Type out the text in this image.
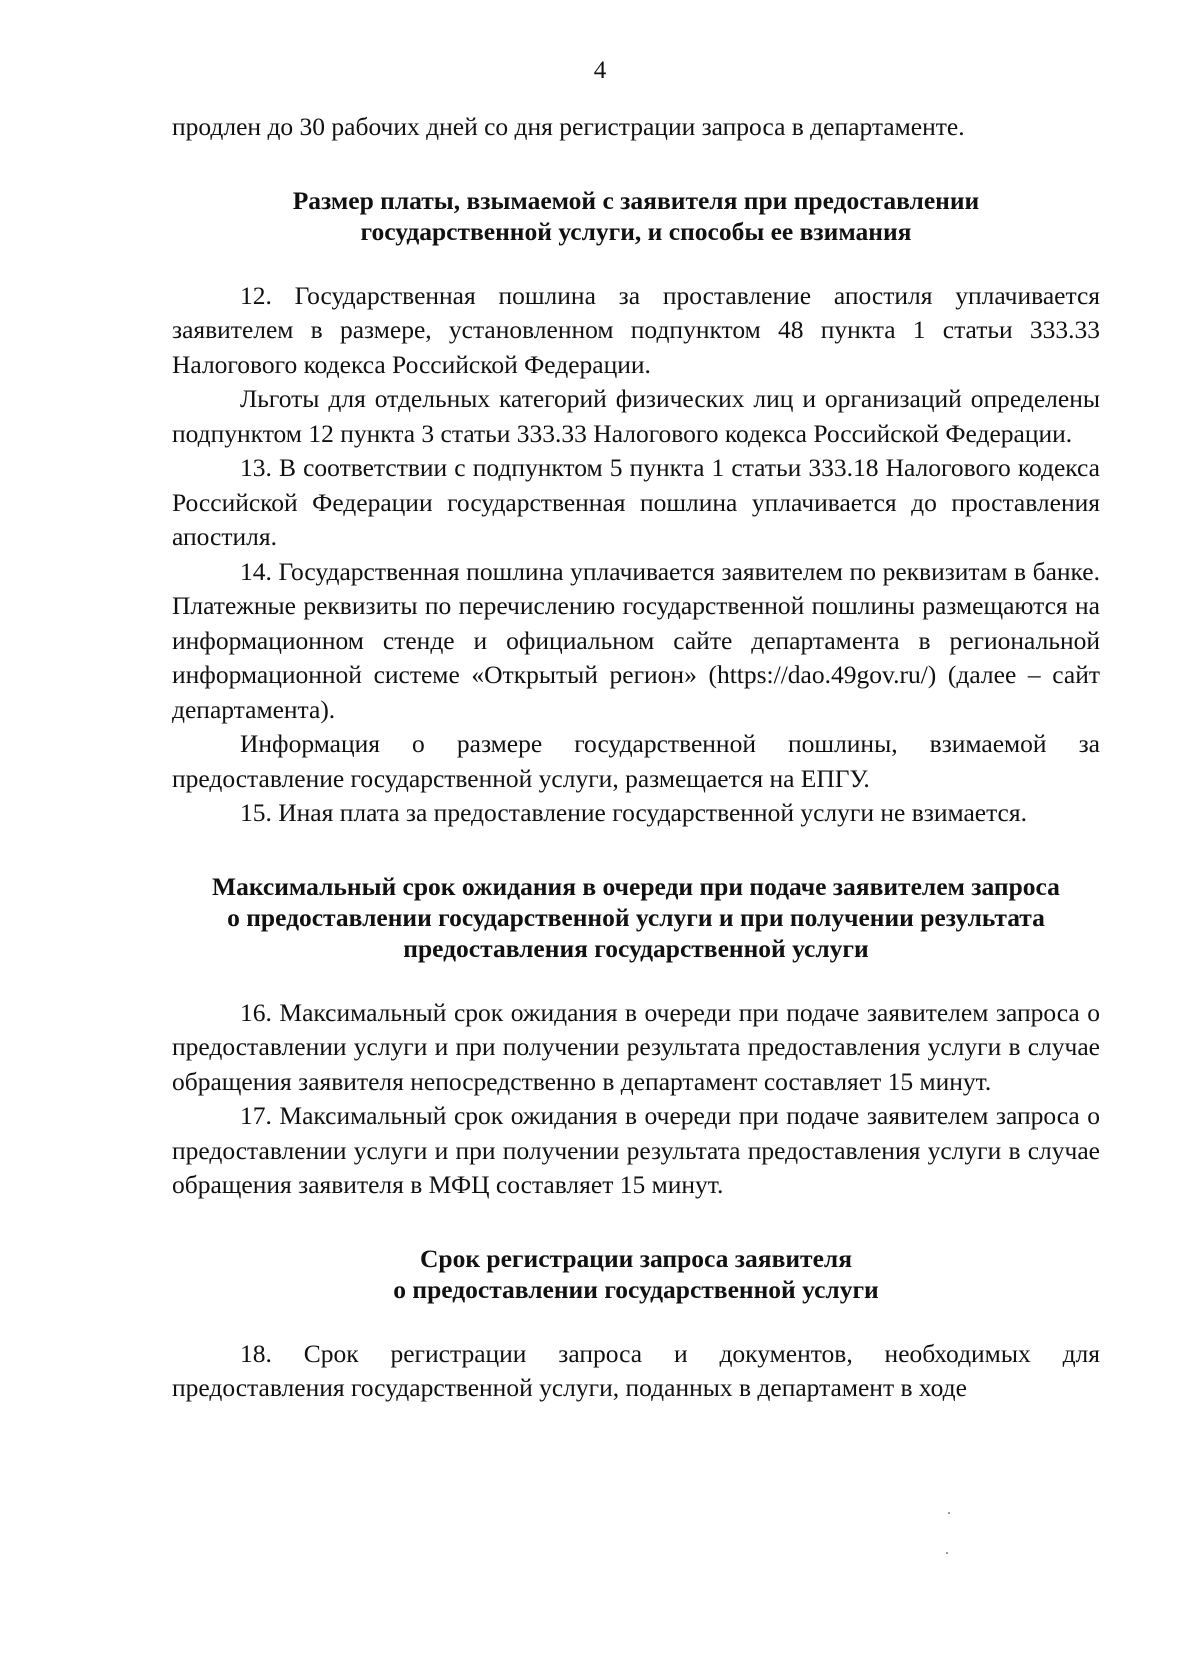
4

продлен до 30 рабочих дней со дня регистрации запроса в департаменте.

Размер платы, взымаемой с заявителя при предоставлении
государственной услуги, и способы ее взимания

12. Государственная пошлина за проставление апостиля уплачивается заявителем в размере, установленном подпунктом 48 пункта 1 статьи 333.33 Налогового кодекса Российской Федерации.

Льготы для отдельных категорий физических лиц и организаций определены подпунктом 12 пункта 3 статьи 333.33 Налогового кодекса Российской Федерации.

13. В соответствии с подпунктом 5 пункта 1 статьи 333.18 Налогового кодекса Российской Федерации государственная пошлина уплачивается до проставления апостиля.

14. Государственная пошлина уплачивается заявителем по реквизитам в банке. Платежные реквизиты по перечислению государственной пошлины размещаются на информационном стенде и официальном сайте департамента в региональной информационной системе «Открытый регион» (https://dao.49gov.ru/) (далее – сайт департамента).

Информация о размере государственной пошлины, взимаемой за предоставление государственной услуги, размещается на ЕПГУ.

15. Иная плата за предоставление государственной услуги не взимается.

Максимальный срок ожидания в очереди при подаче заявителем запроса
о предоставлении государственной услуги и при получении результата
предоставления государственной услуги

16. Максимальный срок ожидания в очереди при подаче заявителем запроса о предоставлении услуги и при получении результата предоставления услуги в случае обращения заявителя непосредственно в департамент составляет 15 минут.

17. Максимальный срок ожидания в очереди при подаче заявителем запроса о предоставлении услуги и при получении результата предоставления услуги в случае обращения заявителя в МФЦ составляет 15 минут.

Срок регистрации запроса заявителя
о предоставлении государственной услуги

18. Срок регистрации запроса и документов, необходимых для предоставления государственной услуги, поданных в департамент в ходе
